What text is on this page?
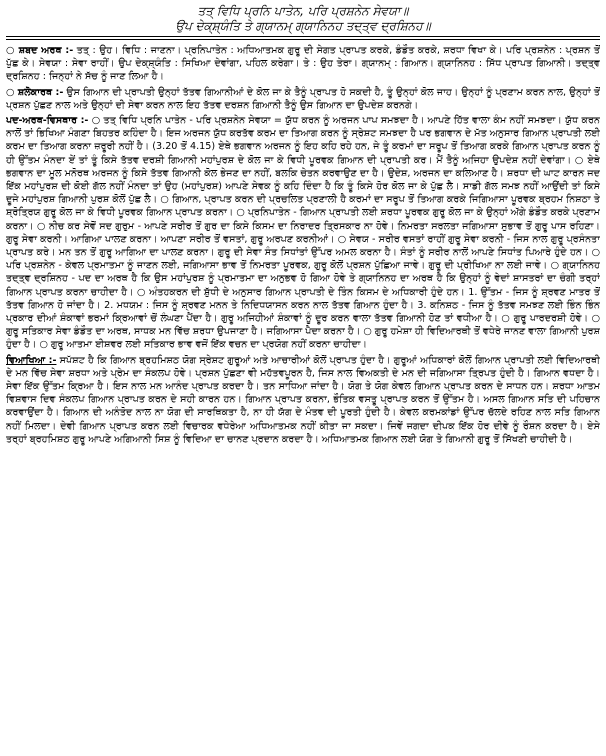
ਤਤ੍ ਵਿਧਿ ਪ੍ਰਨਿ ਪਾਤੇਨ, ਪਰਿ ਪ੍ਰਸ਼ਨੇਨ ਸੇਵਯਾ॥
ਉਪ ਦੇਕ੍ਸ਼੍ਯੰਤਿ ਤੇ ਗ੍ਯਾਨਮ੍ ਗ੍ਯਾਨਿਨਹ ਤਦ੍ਤ੍ਵ ਦ੍ਰਸ਼ਿਨਹ॥

○ ਸ਼ਬਦ ਅਰਥ :- ਤਤ੍ : ਉਹ। ਵਿਧਿ : ਜਾਣਨਾ। ਪ੍ਰਨਿਪਾਤੇਨ : ਅਧਿਆਤਮਕ ਗੁਰੂ ਦੀ ਸੇਗਤ ਪ੍ਰਾਪਤ ਕਰਕੇ, ਡੰਡੌਤ ਕਰਕੇ, ਸ਼ਰਧਾ ਵਿਖਾ ਕੇ। ਪਰਿ ਪ੍ਰਸ਼ਨੇਨ : ਪ੍ਰਸ਼ਨ ਤੋਂ ਪੁੱਛ ਕੇ। ਸੇਵਯਾ : ਸੇਵਾ ਰਾਹੀਂ। ਉਪ ਦੇਕ੍ਸ਼੍ਯੰਤਿ : ਸਿਖਿਆ ਦੇਵਾਂਗਾ, ਪਹਿਲ ਕਰੇਗਾ। ਤੇ : ਉਹ ਤੇਰਾ। ਗ੍ਯਾਨਮ੍ : ਗਿਆਨ। ਗ੍ਯਾਨਿਨਹ : ਸਿੱਧ ਪ੍ਰਾਪਤ ਗਿਆਨੀ। ਤਦ੍ਤ੍ਵ ਦ੍ਰਸ਼ਿਨਹ : ਜਿਨ੍ਹਾਂ ਨੇ ਸੱਚ ਨੂੰ ਜਾਣ ਲਿਆ ਹੈ।

○ ਸ਼ਲੋਕਾਰਥ :- ਉਸ ਗਿਆਨ ਦੀ ਪ੍ਰਾਪਤੀ ਉਨ੍ਹਾਂ ਤੱਤਵ ਗਿਆਨੀਆਂ ਦੇ ਕੋਲ ਜਾ ਕੇ ਤੈਨੂੰ ਪ੍ਰਾਪਤ ਹੋ ਸਕਦੀ ਹੈ, ਤੂੰ ਉਨ੍ਹਾਂ ਕੋਲ ਜਾਹ। ਉਨ੍ਹਾਂ ਨੂੰ ਪ੍ਰਣਾਮ ਕਰਨ ਨਾਲ, ਉਨ੍ਹਾਂ ਤੋਂ ਪ੍ਰਸ਼ਨ ਪੁੱਛਣ ਨਾਲ ਅਤੇ ਉਨ੍ਹਾਂ ਦੀ ਸੇਵਾ ਕਰਨ ਨਾਲ ਇਹ ਤੱਤਵ ਦਰਸ਼ਨ ਗਿਆਨੀ ਤੈਨੂੰ ਉਸ ਗਿਆਨ ਦਾ ਉਪਦੇਸ਼ ਕਰਨਗੇ।

ਪਦ-ਅਰਥ-ਵਿਸਥਾਰ :- ○ ਤਤ੍ ਵਿਧਿ ਪ੍ਰਨਿ ਪਾਤੇਨ - ਪਰਿ ਪ੍ਰਸ਼ਨੇਨ ਸੇਵਯਾ = ਯੁੱਧ ਕਰਨ ਨੂੰ ਅਰਜਨ ਪਾਪ ਸਮਝਦਾ ਹੈ। ਆਪਣੇ ਹਿੱਤ ਵਾਲਾ ਕੰਮ ਨਹੀਂ ਸਮਝਦਾ। ਯੁੱਧ ਕਰਨ ਨਾਲੋਂ ਤਾਂ ਭਿਖਿਆ ਮੰਗਣਾ ਬਿਹਤਰ ਕਹਿੰਦਾ ਹੈ। ਇਜ ਅਰਜਨ ਯੁੱਧ ਕਰਤੱਵ ਕਰਮ ਦਾ ਤਿਆਗ ਕਰਨ ਨੂੰ ਸ੍ਰੇਸ਼ਟ ਸਮਝਦਾ ਹੈ ਪਰ ਭਗਵਾਨ ਦੇ ਮੱਤ ਅਨੁਸਾਰ ਗਿਆਨ ਪ੍ਰਾਪਤੀ ਲਈ ਕਰਮ ਦਾ ਤਿਆਗ ਕਰਨਾ ਜ਼ਰੂਰੀ ਨਹੀਂ ਹੈ। (3.20 ਤੋਂ 4.15) ਏਥੇ ਭਗਵਾਨ ਅਰਜਨ ਨੂੰ ਇਹ ਕਹਿ ਰਹੇ ਹਨ, ਜੇ ਤੂੰ ਕਰਮਾਂ ਦਾ ਸਰੂਪ ਤੋਂ ਤਿਆਗ ਕਰਕੇ ਗਿਆਨ ਪ੍ਰਾਪਤ ਕਰਨ ਨੂੰ ਹੀ ਉੱਤਮ ਮੰਨਦਾ ਏਂ ਤਾਂ ਤੂੰ ਕਿਸੇ ਤੱਤਵ ਦਰਸ਼ੀ ਗਿਆਨੀ ਮਹਾਂਪੁਰਸ਼ ਦੇ ਕੋਲ ਜਾ ਕੇ ਵਿਧੀ ਪੂਰਵਕ ਗਿਆਨ ਦੀ ਪ੍ਰਾਪਤੀ ਕਰ। ਮੈਂ ਤੈਨੂੰ ਅਜਿਹਾ ਉਪਦੇਸ਼ ਨਹੀਂ ਦੇਵਾਂਗਾ। ○ ਏਥੇ ਭਗਵਾਨ ਦਾ ਮੂਲ ਮਨੋਰਥ ਅਰਜਨ ਨੂੰ ਕਿਸੇ ਤੱਤਵ ਗਿਆਨੀ ਕੋਲ ਭੇਜਣ ਦਾ ਨਹੀਂ, ਬਲਕਿ ਚੇਤਨ ਕਰਵਾਉਣ ਦਾ ਹੈ। ਉਦੇਸ਼, ਅਰਜਨ ਦਾ ਕਲਿਆਣ ਹੈ। ਸ਼ਰਧਾ ਦੀ ਘਾਟ ਕਾਰਨ ਜਦ ਇੱਕ ਮਹਾਂਪੁਰਸ਼ ਦੀ ਕੋਈ ਗੱਲ ਨਹੀਂ ਮੰਨਦਾ ਤਾਂ ਉਹ (ਮਹਾਂਪੁਰਸ਼) ਆਪਣੇ ਸੇਵਕ ਨੂੰ ਕਹਿ ਦਿੰਦਾ ਹੈ ਕਿ ਤੂੰ ਕਿਸੇ ਹੋਰ ਕੋਲ ਜਾ ਕੇ ਪੁੱਛ ਲੈ। ਸਾਡੀ ਗੱਲ ਸਮਝ ਨਹੀਂ ਆਉਂਦੀ ਤਾਂ ਕਿਸੇ ਦੂਜੇ ਮਹਾਂਪੁਰਸ਼ ਗਿਆਨੀ ਪੁਰਸ਼ ਕੋਲੋਂ ਪੁੱਛ ਲੈ। ○ ਗਿਆਨ, ਪ੍ਰਾਪਤ ਕਰਨ ਦੀ ਪ੍ਰਚਲਿਤ ਪ੍ਰਣਾਲੀ ਹੈ ਕਰਮਾਂ ਦਾ ਸਰੂਪ ਤੋਂ ਤਿਆਗ ਕਰਕੇ ਜਿਗਿਆਸਾ ਪੂਰਵਕ ਬ੍ਰਹਮ ਨਿਸ਼ਠਾ ਤੇ ਸ਼੍ਰੋਤ੍ਰਿਯ ਗੁਰੂ ਕੋਲ ਜਾ ਕੇ ਵਿਧੀ ਪੂਰਵਕ ਗਿਆਨ ਪ੍ਰਾਪਤ ਕਰਨਾ। ○ ਪ੍ਰਨਿਪਾਤੇਨ - ਗਿਆਨ ਪ੍ਰਾਪਤੀ ਲਈ ਸ਼ਰਧਾ ਪੂਰਵਕ ਗੁਰੂ ਕੋਲ ਜਾ ਕੇ ਉਨ੍ਹਾਂ ਅੱਗੇ ਡੰਡੌਤ ਕਰਕੇ ਪ੍ਰਣਾਮ ਕਰਨਾ। ○ ਨੀਚ ਕਰ ਸੇਵੋਂ ਸਦ ਗੁਰੁਮ - ਆਪਣੇ ਸਰੀਰ ਤੋਂ ਗੁਰ ਦਾ ਕਿਸੇ ਕਿਸਮ ਦਾ ਨਿਰਾਦਰ ਤ੍ਰਿਸਕਾਰ ਨਾ ਹੋਵੇ। ਨਿਮਰਤਾ ਸਰਲਤਾ ਜਗਿਆਸਾ ਸੁਭਾਵ ਤੋਂ ਗੁਰੂ ਪਾਸ ਰਹਿਣਾ। ਗੁਰੂ ਸੇਵਾ ਕਰਨੀ। ਆਗਿਆ ਪਾਲਣ ਕਰਨਾ। ਆਪਣਾ ਸਰੀਰ ਤੋਂ ਵਸਤਾਂ, ਗੁਰੂ ਅਰਪਣ ਕਰਨੀਆਂ। ○ ਸੇਵਯ - ਸਰੀਰ ਵਸਤਾਂ ਰਾਹੀਂ ਗੁਰੂ ਸੇਵਾ ਕਰਨੀ - ਜਿਸ ਨਾਲ ਗੁਰੂ ਪ੍ਰਸੰਨਤਾ ਪ੍ਰਾਪਤ ਕਰੇ। ਮਨ ਤਨ ਤੋਂ ਗੁਰੂ ਆਗਿਆ ਦਾ ਪਾਲਣ ਕਰਨਾ। ਗੁਰੂ ਦੀ ਸੇਵਾ ਸੰਤ ਸਿਧਾਂਤਾਂ ਉੱਪਰ ਅਮਲ ਕਰਨਾ ਹੈ। ਸੰਤਾਂ ਨੂੰ ਸਰੀਰ ਨਾਲੋਂ ਆਪਣੇ ਸਿਧਾਂਤ ਪਿਆਰੇ ਹੁੰਦੇ ਹਨ। ○ ਪਰਿ ਪ੍ਰਸ਼ਨੇਨ - ਕੇਵਲ ਪ੍ਰਮਾਤਮਾ ਨੂੰ ਜਾਣਨ ਲਈ, ਜਗਿਆਸਾ ਭਾਵ ਤੋਂ ਨਿਮਰਤਾ ਪੂਰਵਕ, ਗੁਰੂ ਕੋਲੋਂ ਪ੍ਰਸ਼ਨ ਪੁੱਛਿਆ ਜਾਵੇ। ਗੁਰੂ ਦੀ ਪ੍ਰੀਖਿਆ ਨਾ ਲਈ ਜਾਵੇ। ○ ਗ੍ਯਾਨਿਨਹ ਤਦ੍ਤ੍ਵ ਦ੍ਰਸ਼ਿਨਹ - ਪਦ ਦਾ ਅਰਥ ਹੈ ਕਿ ਉਸ ਮਹਾਂਪੁਰਸ਼ ਨੂੰ ਪ੍ਰਮਾਤਮਾ ਦਾ ਅਨੁਭਵ ਹੋ ਗਿਆ ਹੋਵੇ ਤੇ ਗ੍ਯਾਨਿਨਹ ਦਾ ਅਰਥ ਹੈ ਕਿ ਉਨ੍ਹਾਂ ਨੂੰ ਵੇਦਾਂ ਸ਼ਾਸਤਰਾਂ ਦਾ ਚੰਗੀ ਤਰ੍ਹਾਂ ਗਿਆਨ ਪ੍ਰਾਪਤ ਕਰਨਾ ਚਾਹੀਦਾ ਹੈ। ○ ਅੰਤਹਕਰਨ ਦੀ ਸ਼ੁੱਧੀ ਦੇ ਅਨੁਸਾਰ ਗਿਆਨ ਪ੍ਰਾਪਤੀ ਦੇ ਤਿੰਨ ਕਿਸਮ ਦੇ ਅਧਿਕਾਰੀ ਹੁੰਦੇ ਹਨ। 1. ਉੱਤਮ - ਜਿਸ ਨੂੰ ਸ਼੍ਰਵਣ ਮਾਤਰ ਤੋਂ ਤੱਤਵ ਗਿਆਨ ਹੋ ਜਾਂਦਾ ਹੈ। 2. ਮਧਯਮ : ਜਿਸ ਨੂੰ ਸ਼੍ਰਵਣ ਮਨਨ ਤੇ ਨਿਦਿਧਯਾਸਨ ਕਰਨ ਨਾਲ ਤੱਤਵ ਗਿਆਨ ਹੁੰਦਾ ਹੈ। 3. ਕਨਿਸ਼ਠ - ਜਿਸ ਨੂੰ ਤੱਤਵ ਸਮਝਣ ਲਈ ਭਿੰਨ ਭਿੰਨ ਪ੍ਰਕਾਰ ਦੀਆਂ ਸ਼ੰਕਾਵਾਂ ਭਰਮਾਂ ਕ੍ਰਿਆਵਾਂ ਚੋਂ ਲੰਘਣਾ ਪੈਂਦਾ ਹੈ। ਗੁਰੂ ਅਜਿਹੀਆਂ ਸ਼ੰਕਾਵਾਂ ਨੂੰ ਦੂਰ ਕਰਨ ਵਾਲਾ ਤੱਤਵ ਗਿਆਨੀ ਹੋਣ ਤਾਂ ਵਧੀਆ ਹੈ। ○ ਗੁਰੂ ਪਾਰਦਰਸ਼ੀ ਹੋਵੇ। ○ ਗੁਰੂ ਸਤਿਕਾਰ ਸੇਵਾ ਡੰਡੌਤ ਦਾ ਅਰਥ, ਸਾਧਕ ਮਨ ਵਿੱਚ ਸ਼ਰਧਾ ਉਪਜਾਣਾ ਹੈ। ਜਗਿਆਸਾ ਪੈਦਾ ਕਰਨਾ ਹੈ। ○ ਗੁਰੂ ਹਮੇਸ਼ਾ ਹੀ ਵਿਦਿਆਰਥੀ ਤੋਂ ਵਧੇਰੇ ਜਾਨਣ ਵਾਲਾ ਗਿਆਨੀ ਪੁਰਸ਼ ਹੁੰਦਾ ਹੈ। ○ ਗੁਰੂ ਆਤਮਾ ਈਸ਼ਵਰ ਲਈ ਸਤਿਕਾਰ ਭਾਵ ਵਜੋਂ ਇੱਕ ਵਚਨ ਦਾ ਪ੍ਰਯੋਗ ਨਹੀਂ ਕਰਨਾ ਚਾਹੀਦਾ।

ਵਿਆਖਿਆ :- ਸਪੱਸ਼ਟ ਹੈ ਕਿ ਗਿਆਨ ਬ੍ਰਹਮਿਸ਼ਠ ਯੋਗ ਸ੍ਰੇਸ਼ਟ ਗੁਰੂਆਂ ਅਤੇ ਆਚਾਰੀਆਂ ਕੋਲੋਂ ਪ੍ਰਾਪਤ ਹੁੰਦਾ ਹੈ। ਗੁਰੂਆਂ ਅਧਿਕਾਰਾਂ ਕੋਲੋਂ ਗਿਆਨ ਪ੍ਰਾਪਤੀ ਲਈ ਵਿਦਿਆਰਥੀ ਦੇ ਮਨ ਵਿੱਚ ਸੇਵਾ ਸ਼ਰਧਾ ਅਤੇ ਪ੍ਰੇਮ ਦਾ ਸੰਕਲਪ ਹੋਵੇ। ਪ੍ਰਸ਼ਨ ਪੁੱਛਣਾ ਵੀ ਮਹੱਤਵਪੂਰਨ ਹੈ, ਜਿਸ ਨਾਲ ਵਿਅਕਤੀ ਦੇ ਮਨ ਦੀ ਜਗਿਆਸਾ ਤ੍ਰਿਪਤ ਹੁੰਦੀ ਹੈ। ਗਿਆਨ ਵਧਦਾ ਹੈ। ਸੇਵਾ ਇੱਕ ਉੱਤਮ ਕ੍ਰਿਆ ਹੈ। ਇਸ ਨਾਲ ਮਨ ਆਨੰਦ ਪ੍ਰਾਪਤ ਕਰਦਾ ਹੈ। ਤਨ ਸਾਧਿਆ ਜਾਂਦਾ ਹੈ। ਯੋਗ ਤੇ ਯੋਗ ਕੇਵਲ ਗਿਆਨ ਪ੍ਰਾਪਤ ਕਰਨ ਦੇ ਸਾਧਨ ਹਨ। ਸ਼ਰਧਾ ਆਤਮ ਵਿਸ਼ਵਾਸ ਦਿਵ ਸੰਕਲਪ ਗਿਆਨ ਪ੍ਰਾਪਤ ਕਰਨ ਦੇ ਸਹੀ ਕਾਰਨ ਹਨ। ਗਿਆਨ ਪ੍ਰਾਪਤ ਕਰਨਾ, ਭੌਤਿਕ ਵਸਤੂ ਪ੍ਰਾਪਤ ਕਰਨ ਤੋਂ ਉੱਤਮ ਹੈ। ਅਸਲ ਗਿਆਨ ਸਤਿ ਦੀ ਪਹਿਚਾਨ ਕਰਵਾਉਂਦਾ ਹੈ। ਗਿਆਨ ਦੀ ਅਨੰਤੋਦ ਨਾਲ ਨਾ ਯੋਗ ਦੀ ਸਾਰਥਿਕਤਾ ਹੈ, ਨਾ ਹੀ ਯੱਗ ਦੇ ਮੰਤਵ ਦੀ ਪੂਰਤੀ ਹੁੰਦੀ ਹੈ। ਕੇਵਲ ਕਰਮਕਾਂਡਾਂ ਉੱਪਰ ਚੱਲਦੇ ਰਹਿਣ ਨਾਲ ਸਤਿ ਗਿਆਨ ਨਹੀਂ ਮਿਲਦਾ। ਦੇਵੀ ਗਿਆਨ ਪ੍ਰਾਪਤ ਕਰਨ ਲਈ ਵਿਚਾਰਕ ਵਧੇਰੇਆ ਅਧਿਆਤਮਕ ਨਹੀਂ ਕੀਤਾ ਜਾ ਸਕਦਾ। ਜਿਵੇਂ ਜਗਦਾ ਦੀਪਕ ਇੱਕ ਹੋਰ ਦੀਵੇ ਨੂੰ ਰੌਸ਼ਨ ਕਰਦਾ ਹੈ। ਏਸੇ ਤਰ੍ਹਾਂ ਬ੍ਰਹਮਿਸ਼ਠ ਗੁਰੂ ਆਪਣੇ ਅਗਿਆਨੀ ਸਿਸ਼ ਨੂੰ ਵਿਦਿਆ ਦਾ ਚਾਨਣ ਪ੍ਰਦਾਨ ਕਰਦਾ ਹੈ। ਅਧਿਆਤਮਕ ਗਿਆਨ ਲਈ ਯੋਗ ਤੇ ਗਿਆਨੀ ਗੁਰੂ ਤੋਂ ਸਿੱਖਣੀ ਚਾਹੀਦੀ ਹੈ।
